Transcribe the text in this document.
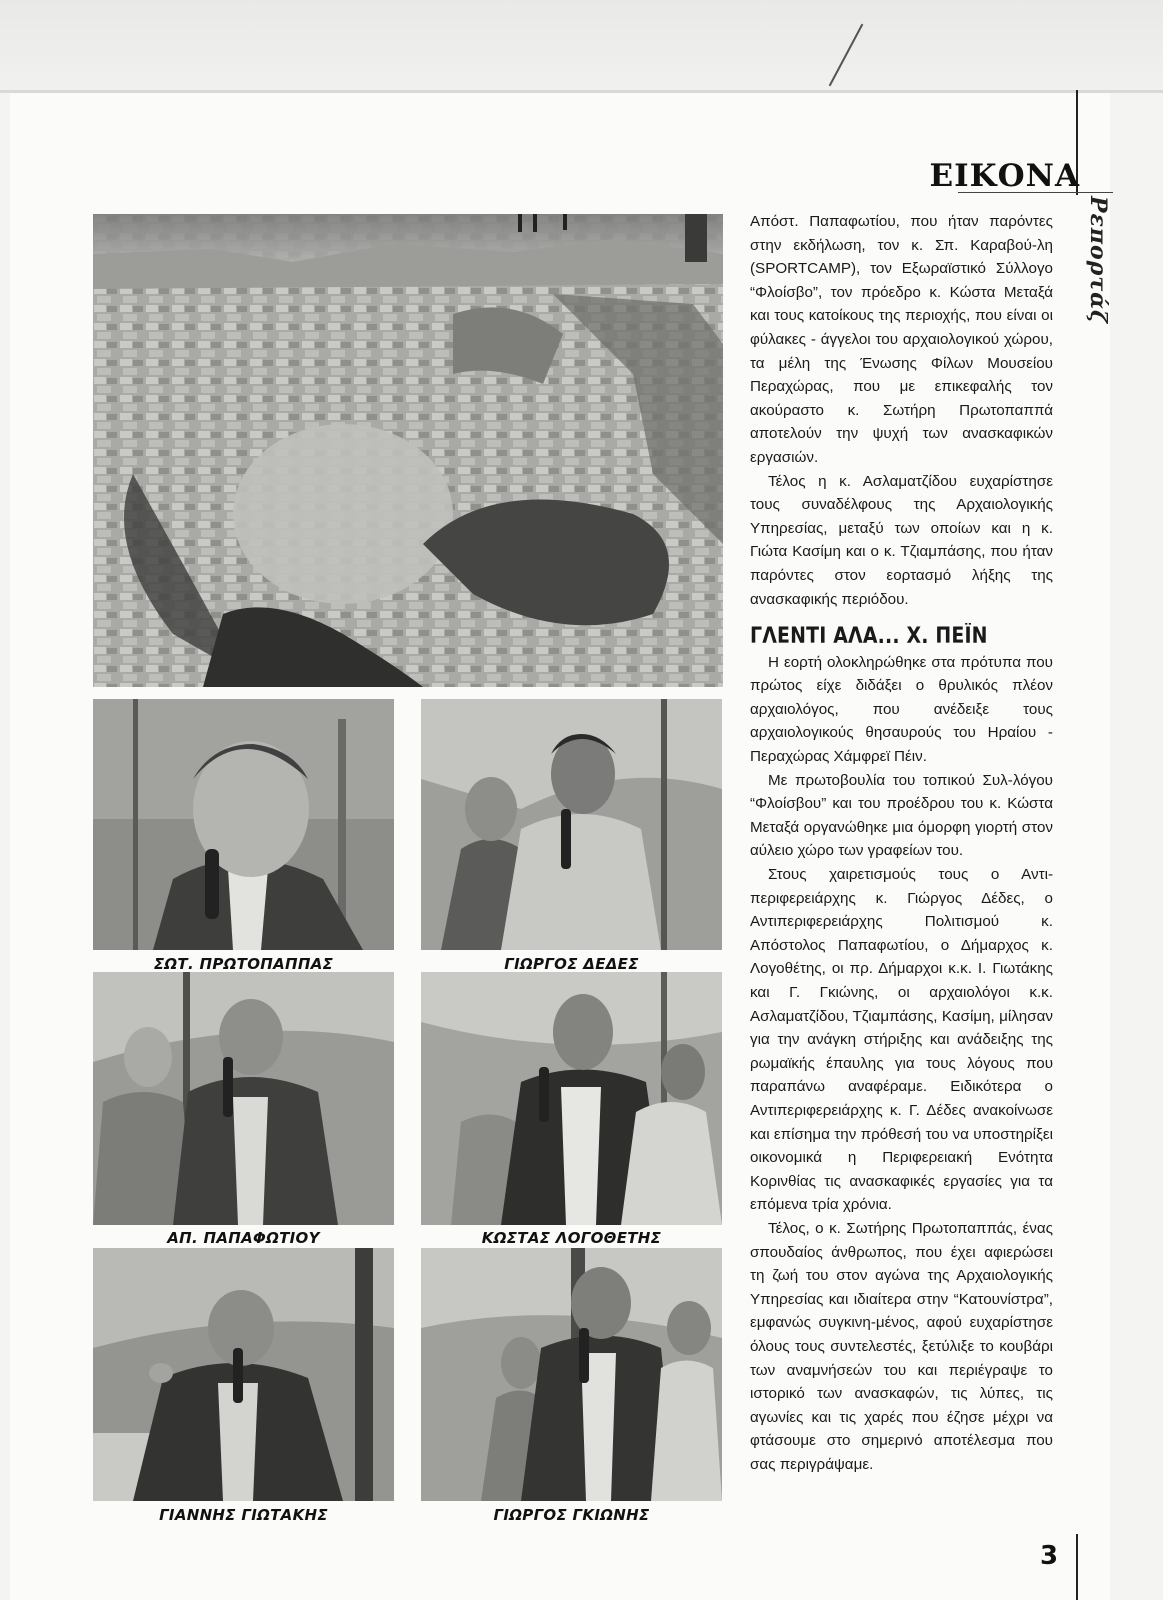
ΕΙΚΟΝΑ
Ρεπορτάζ
ΣΩΤ. ΠΡΩΤΟΠΑΠΠΑΣ	ΓΙΩΡΓΟΣ ΔΕΔΕΣ
ΑΠ. ΠΑΠΑΦΩΤΙΟΥ	ΚΩΣΤΑΣ ΛΟΓΟΘΕΤΗΣ
ΓΙΑΝΝΗΣ ΓΙΩΤΑΚΗΣ	ΓΙΩΡΓΟΣ ΓΚΙΩΝΗΣ

Απόστ. Παπαφωτίου, που ήταν παρόντες στην εκδήλωση, τον κ. Σπ. Καραβού-λη (SPORTCAMP), τον Εξωραϊστικό Σύλλογο “Φλοίσβο”, τον πρόεδρο κ. Κώστα Μεταξά και τους κατοίκους της περιοχής, που είναι οι φύλακες - άγγελοι του αρχαιολογικού χώρου, τα μέλη της Ένωσης Φίλων Μουσείου Περαχώρας, που με επικεφαλής τον ακούραστο κ. Σωτήρη Πρωτοπαππά αποτελούν την ψυχή των ανασκαφικών εργασιών.

Τέλος η κ. Ασλαματζίδου ευχαρίστησε τους συναδέλφους της Αρχαιολογικής Υπηρεσίας, μεταξύ των οποίων και η κ. Γιώτα Κασίμη και ο κ. Τζιαμπάσης, που ήταν παρόντες στον εορτασμό λήξης της ανασκαφικής περιόδου.

ΓΛΕΝΤΙ ΑΛΑ... Χ. ΠΕΪΝ

Η εορτή ολοκληρώθηκε στα πρότυπα που πρώτος είχε διδάξει ο θρυλικός πλέον αρχαιολόγος, που ανέδειξε τους αρχαιολογικούς θησαυρούς του Ηραίου - Περαχώρας Χάμφρεϊ Πέιν.

Με πρωτοβουλία του τοπικού Συλ-λόγου “Φλοίσβου” και του προέδρου του κ. Κώστα Μεταξά οργανώθηκε μια όμορφη γιορτή στον αύλειο χώρο των γραφείων του.

Στους χαιρετισμούς τους ο Αντι-περιφερειάρχης κ. Γιώργος Δέδες, ο Αντιπεριφερειάρχης Πολιτισμού κ. Απόστολος Παπαφωτίου, ο Δήμαρχος κ. Λογοθέτης, οι πρ. Δήμαρχοι κ.κ. Ι. Γιωτάκης και Γ. Γκιώνης, οι αρχαιολόγοι κ.κ. Ασλαματζίδου, Τζιαμπάσης, Κασίμη, μίλησαν για την ανάγκη στήριξης και ανάδειξης της ρωμαϊκής έπαυλης για τους λόγους που παραπάνω αναφέραμε. Ειδικότερα ο Αντιπεριφερειάρχης κ. Γ. Δέδες ανακοίνωσε και επίσημα την πρόθεσή του να υποστηρίξει οικονομικά η Περιφερειακή Ενότητα Κορινθίας τις ανασκαφικές εργασίες για τα επόμενα τρία χρόνια.

Τέλος, ο κ. Σωτήρης Πρωτοπαππάς, ένας σπουδαίος άνθρωπος, που έχει αφιερώσει τη ζωή του στον αγώνα της Αρχαιολογικής Υπηρεσίας και ιδιαίτερα στην “Κατουνίστρα”, εμφανώς συγκινη-μένος, αφού ευχαρίστησε όλους τους συντελεστές, ξετύλιξε το κουβάρι των αναμνήσεών του και περιέγραψε το ιστορικό των ανασκαφών, τις λύπες, τις αγωνίες και τις χαρές που έζησε μέχρι να φτάσουμε στο σημερινό αποτέλεσμα που σας περιγράψαμε.

3
